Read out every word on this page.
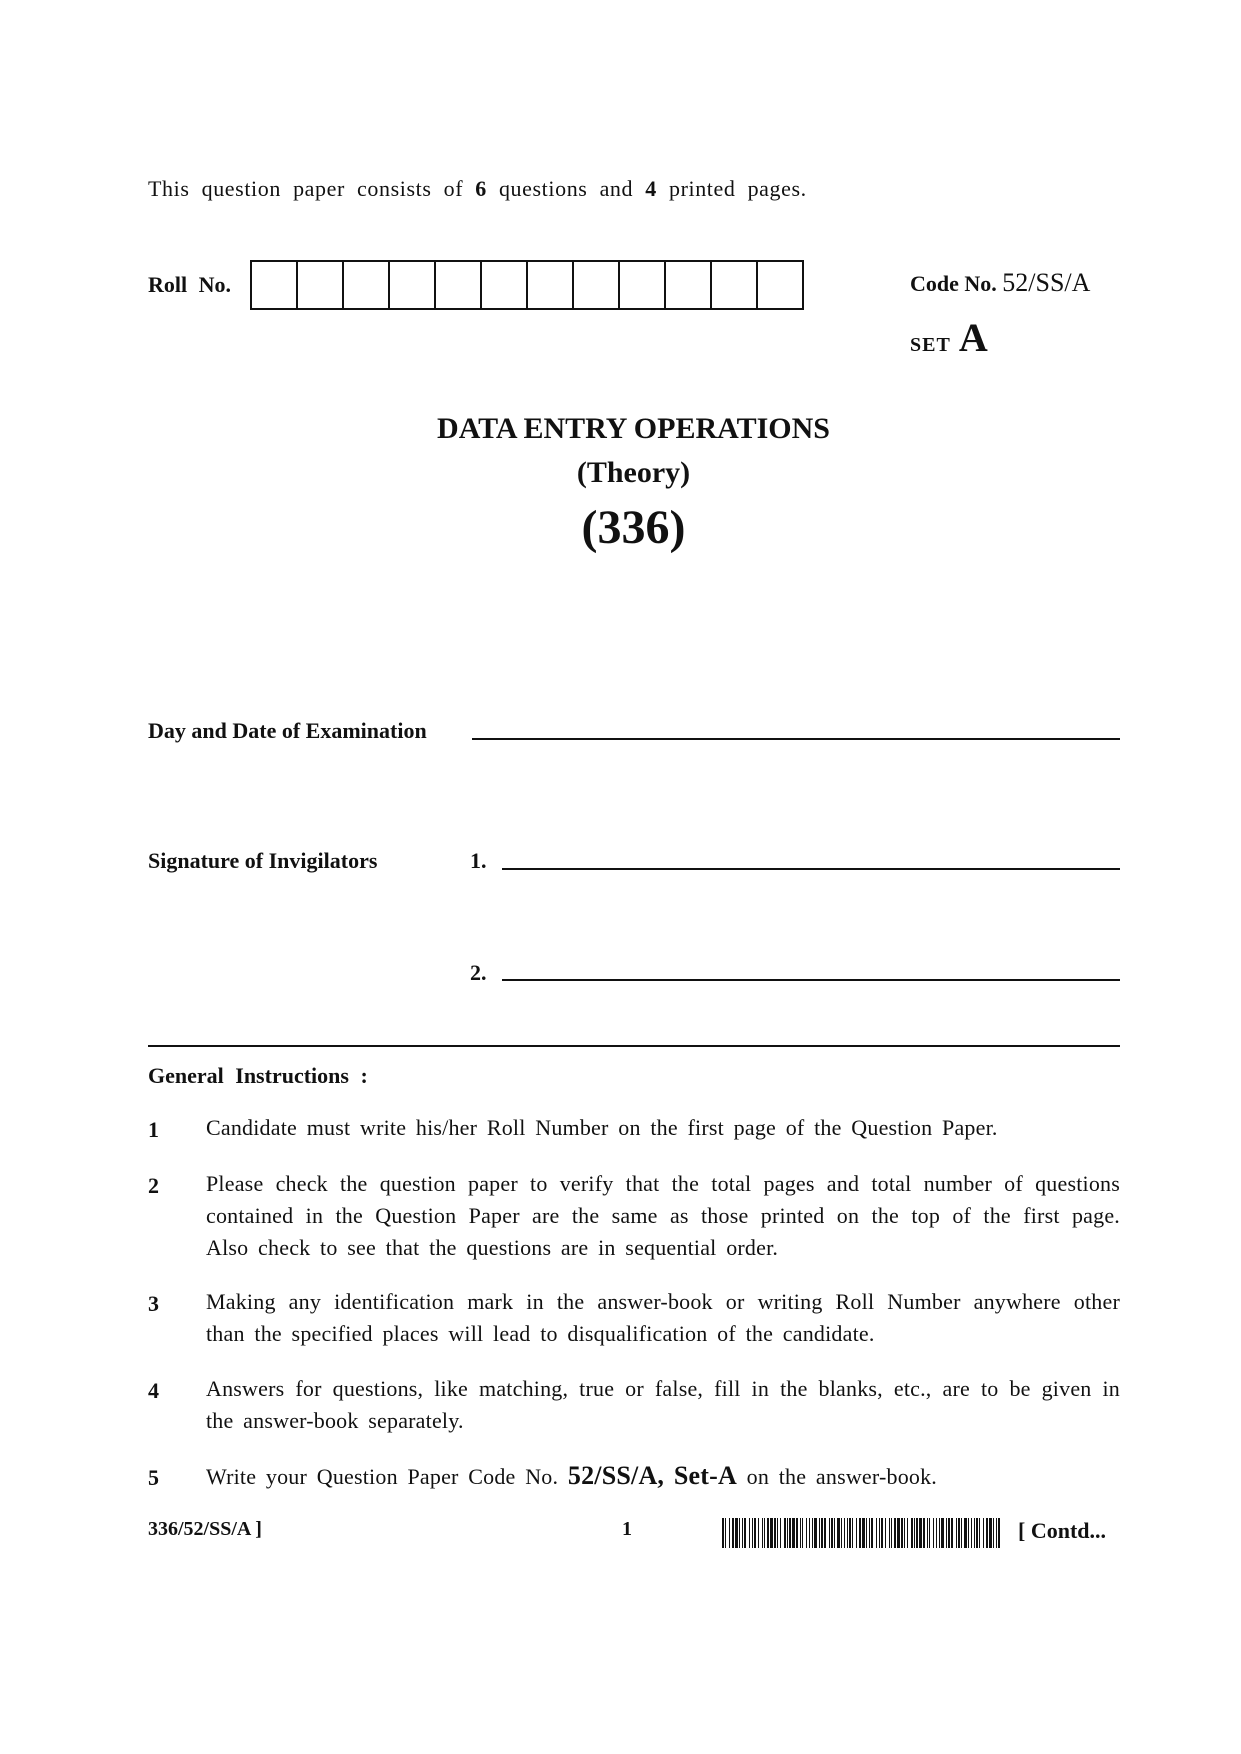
This question paper consists of 6 questions and 4 printed pages.
Roll No.	Code No. 52/SS/A
SET A
DATA ENTRY OPERATIONS
(Theory)
(336)
Day and Date of Examination
Signature of Invigilators	1.
2.
General Instructions :
1 Candidate must write his/her Roll Number on the first page of the Question Paper.
2 Please check the question paper to verify that the total pages and total number of questions contained in the Question Paper are the same as those printed on the top of the first page. Also check to see that the questions are in sequential order.
3 Making any identification mark in the answer-book or writing Roll Number anywhere other than the specified places will lead to disqualification of the candidate.
4 Answers for questions, like matching, true or false, fill in the blanks, etc., are to be given in the answer-book separately.
5 Write your Question Paper Code No. 52/SS/A, Set-A on the answer-book.
336/52/SS/A ]	1	[ Contd...
